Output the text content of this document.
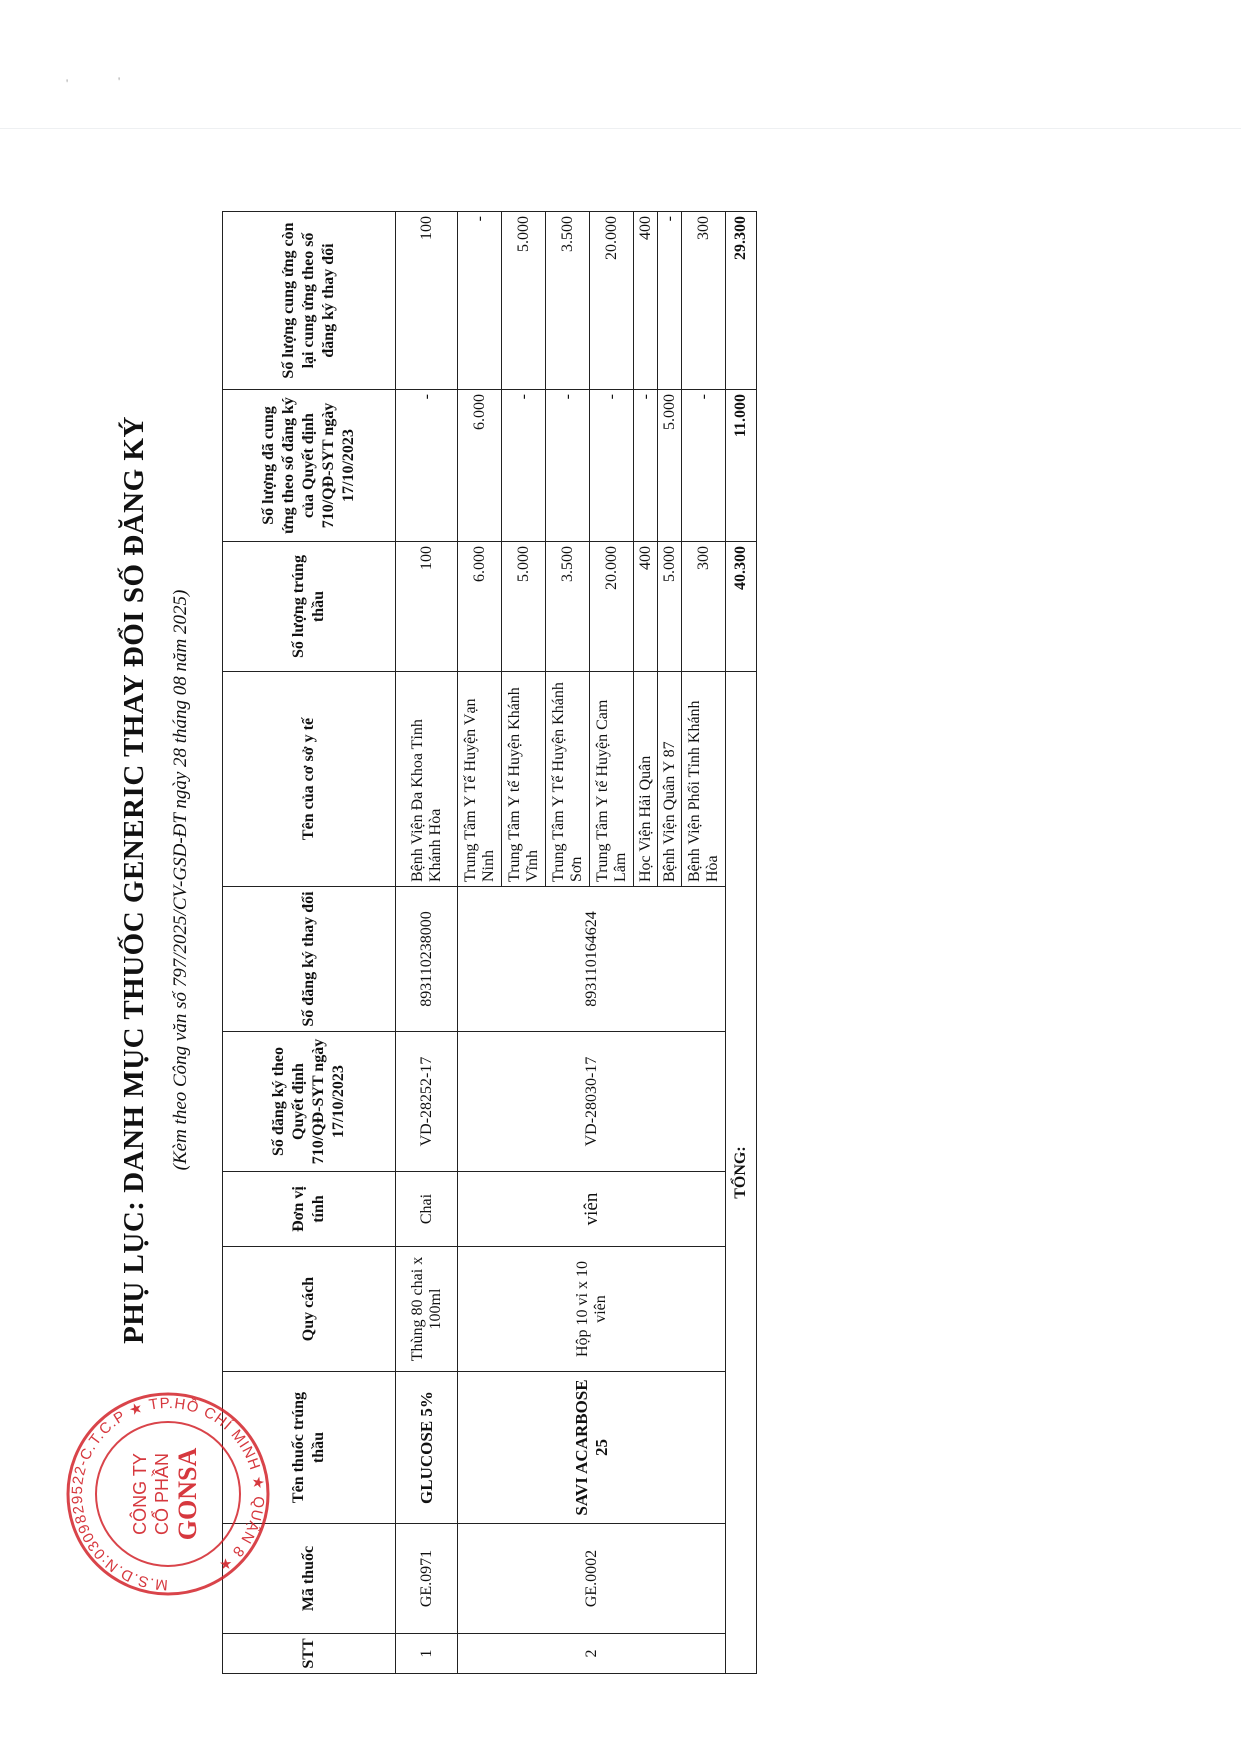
'	'
PHỤ LỤC: DANH MỤC THUỐC GENERIC THAY ĐỔI SỐ ĐĂNG KÝ (Kèm theo Công văn số 797/2025/CV-GSD-ĐT ngày 28 tháng 08 năm 2025)
STT	Mã thuốc	Tên thuốc trúng thầu	Quy cách	Đơn vị tính	Số đăng ký theo Quyết định 710/QĐ-SYT ngày 17/10/2023	Số đăng ký thay đổi	Tên của cơ sở y tế	Số lượng trúng thầu	Số lượng đã cung ứng theo số đăng ký của Quyết định 710/QĐ-SYT ngày 17/10/2023	Số lượng cung ứng còn lại cung ứng theo số đăng ký thay đổi
1	GE.0971	GLUCOSE 5%	Thùng 80 chai x 100ml	Chai	VD-28252-17	893110238000	Bệnh Viện Đa Khoa Tỉnh Khánh Hòa	100	-	100
2	GE.0002	SAVI ACARBOSE 25	Hộp 10 vỉ x 10 viên	viên	VD-28030-17	893110164624	Trung Tâm Y Tế Huyện Vạn Ninh	6.000	6.000	-
							Trung Tâm Y tế Huyện Khánh Vĩnh	5.000	-	5.000
							Trung Tâm Y Tế Huyện Khánh Sơn	3.500	-	3.500
							Trung Tâm Y tế Huyện Cam Lâm	20.000	-	20.000
							Học Viện Hải Quân	400	-	400
							Bệnh Viện Quân Y 87	5.000	5.000	-
							Bệnh Viện Phổi Tỉnh Khánh Hòa	300	-	300
TỔNG:								40.300	11.000	29.300
M.S.D.N:0309829522-C.T.C.P ★ TP.HỒ CHÍ MINH ★ QUẬN 8 ★
CÔNG TY CỔ PHẦN GONSA
